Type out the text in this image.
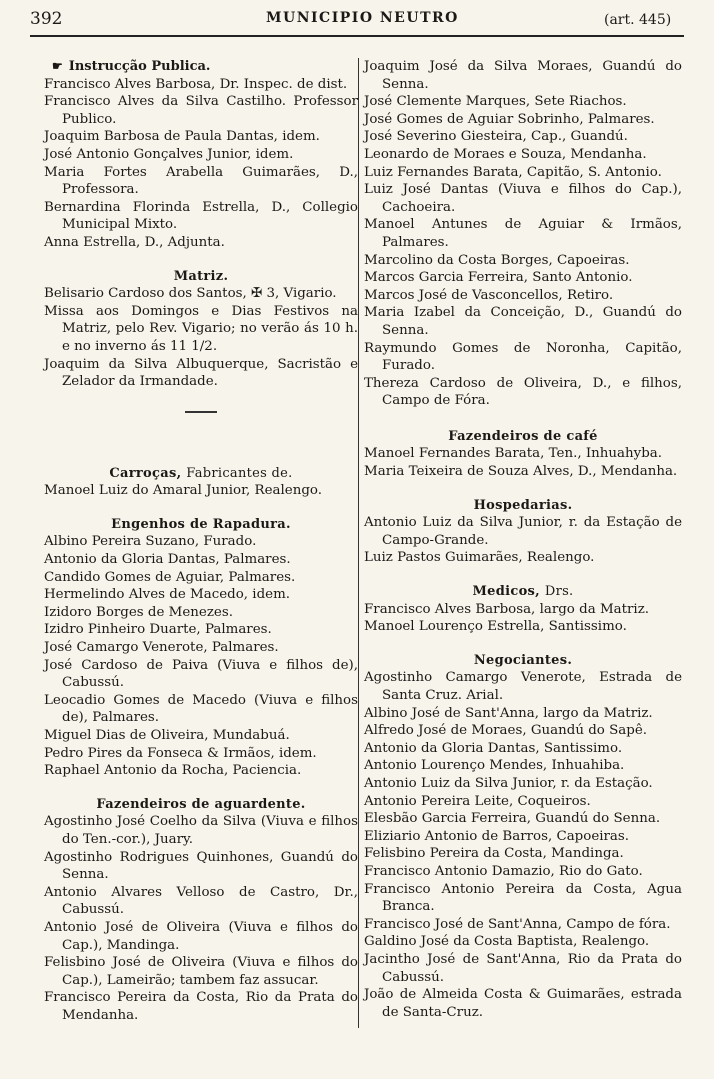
392	MUNICIPIO NEUTRO	(art. 445)
☛ Instrucção Publica.
Francisco Alves Barbosa, Dr. Inspec. de dist.
Francisco Alves da Silva Castilho. Professor Publico.
Joaquim Barbosa de Paula Dantas, idem.
José Antonio Gonçalves Junior, idem.
Maria Fortes Arabella Guimarães, D., Professora.
Bernardina Florinda Estrella, D., Collegio Municipal Mixto.
Anna Estrella, D., Adjunta.
Matriz.
Belisario Cardoso dos Santos, ✠ 3, Vigario.
Missa aos Domingos e Dias Festivos na Matriz, pelo Rev. Vigario; no verão ás 10 h. e no inverno ás 11 1/2.
Joaquim da Silva Albuquerque, Sacristão e Zelador da Irmandade.
Carroças, Fabricantes de.
Manoel Luiz do Amaral Junior, Realengo.
Engenhos de Rapadura.
Albino Pereira Suzano, Furado.
Antonio da Gloria Dantas, Palmares.
Candido Gomes de Aguiar, Palmares.
Hermelindo Alves de Macedo, idem.
Izidoro Borges de Menezes.
Izidro Pinheiro Duarte, Palmares.
José Camargo Venerote, Palmares.
José Cardoso de Paiva (Viuva e filhos de), Cabussú.
Leocadio Gomes de Macedo (Viuva e filhos de), Palmares.
Miguel Dias de Oliveira, Mundabuá.
Pedro Pires da Fonseca & Irmãos, idem.
Raphael Antonio da Rocha, Paciencia.
Fazendeiros de aguardente.
Agostinho José Coelho da Silva (Viuva e filhos do Ten.-cor.), Juary.
Agostinho Rodrigues Quinhones, Guandú do Senna.
Antonio Alvares Velloso de Castro, Dr., Cabussú.
Antonio José de Oliveira (Viuva e filhos do Cap.), Mandinga.
Felisbino José de Oliveira (Viuva e filhos do Cap.), Lameirão; tambem faz assucar.
Francisco Pereira da Costa, Rio da Prata do Mendanha.
Joaquim José da Silva Moraes, Guandú do Senna.
José Clemente Marques, Sete Riachos.
José Gomes de Aguiar Sobrinho, Palmares.
José Severino Giesteira, Cap., Guandú.
Leonardo de Moraes e Souza, Mendanha.
Luiz Fernandes Barata, Capitão, S. Antonio.
Luiz José Dantas (Viuva e filhos do Cap.), Cachoeira.
Manoel Antunes de Aguiar & Irmãos, Palmares.
Marcolino da Costa Borges, Capoeiras.
Marcos Garcia Ferreira, Santo Antonio.
Marcos José de Vasconcellos, Retiro.
Maria Izabel da Conceição, D., Guandú do Senna.
Raymundo Gomes de Noronha, Capitão, Furado.
Thereza Cardoso de Oliveira, D., e filhos, Campo de Fóra.
Fazendeiros de café
Manoel Fernandes Barata, Ten., Inhuahyba.
Maria Teixeira de Souza Alves, D., Mendanha.
Hospedarias.
Antonio Luiz da Silva Junior, r. da Estação de Campo-Grande.
Luiz Pastos Guimarães, Realengo.
Medicos, Drs.
Francisco Alves Barbosa, largo da Matriz.
Manoel Lourenço Estrella, Santissimo.
Negociantes.
Agostinho Camargo Venerote, Estrada de Santa Cruz. Arial.
Albino José de Sant'Anna, largo da Matriz.
Alfredo José de Moraes, Guandú do Sapê.
Antonio da Gloria Dantas, Santissimo.
Antonio Lourenço Mendes, Inhuahiba.
Antonio Luiz da Silva Junior, r. da Estação.
Antonio Pereira Leite, Coqueiros.
Elesbão Garcia Ferreira, Guandú do Senna.
Eliziario Antonio de Barros, Capoeiras.
Felisbino Pereira da Costa, Mandinga.
Francisco Antonio Damazio, Rio do Gato.
Francisco Antonio Pereira da Costa, Agua Branca.
Francisco José de Sant'Anna, Campo de fóra.
Galdino José da Costa Baptista, Realengo.
Jacintho José de Sant'Anna, Rio da Prata do Cabussú.
João de Almeida Costa & Guimarães, estrada de Santa-Cruz.
